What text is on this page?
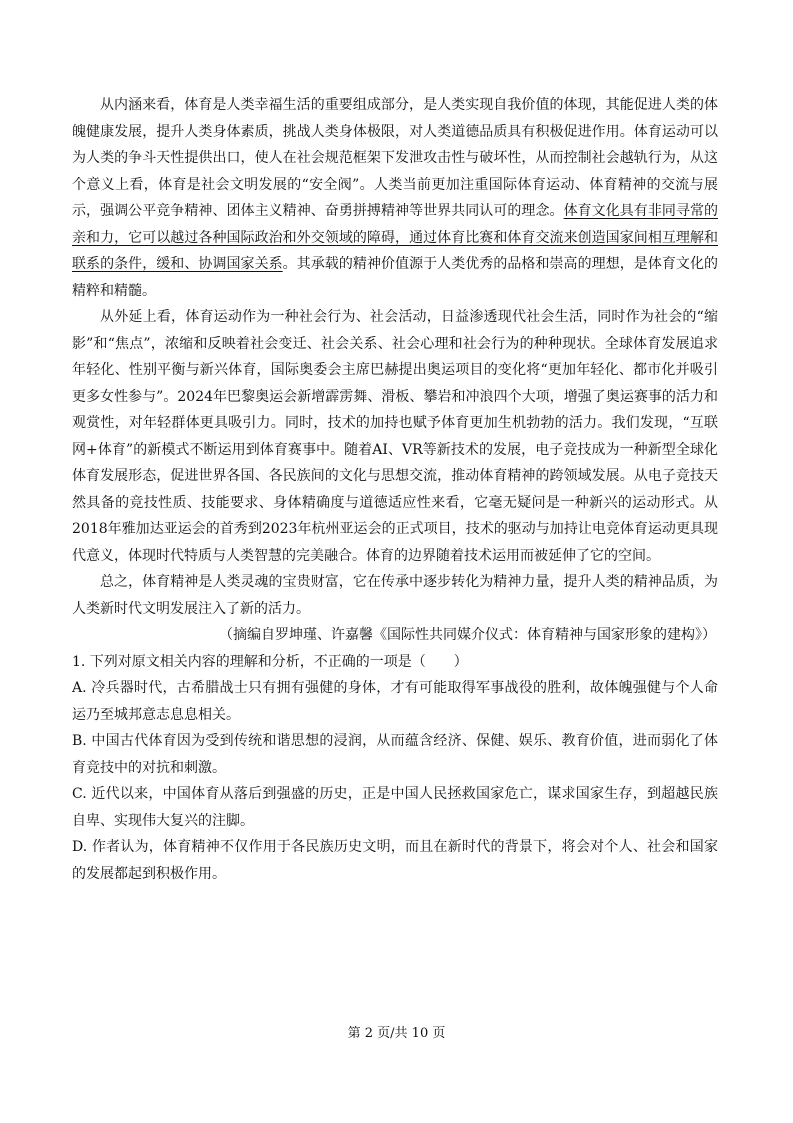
从内涵来看，体育是人类幸福生活的重要组成部分，是人类实现自我价值的体现，其能促进人类的体魄健康发展，提升人类身体素质，挑战人类身体极限，对人类道德品质具有积极促进作用。体育运动可以为人类的争斗天性提供出口，使人在社会规范框架下发泄攻击性与破坏性，从而控制社会越轨行为，从这个意义上看，体育是社会文明发展的“安全阀”。人类当前更加注重国际体育运动、体育精神的交流与展示，强调公平竞争精神、团体主义精神、奋勇拼搏精神等世界共同认可的理念。体育文化具有非同寻常的亲和力，它可以越过各种国际政治和外交领域的障碍，通过体育比赛和体育交流来创造国家间相互理解和联系的条件，缓和、协调国家关系。其承载的精神价值源于人类优秀的品格和崇高的理想，是体育文化的精粹和精髓。

从外延上看，体育运动作为一种社会行为、社会活动，日益渗透现代社会生活，同时作为社会的“缩影”和“焦点”，浓缩和反映着社会变迁、社会关系、社会心理和社会行为的种种现状。全球体育发展追求年轻化、性别平衡与新兴体育，国际奥委会主席巴赫提出奥运项目的变化将“更加年轻化、都市化并吸引更多女性参与”。2024年巴黎奥运会新增霹雳舞、滑板、攀岩和冲浪四个大项，增强了奥运赛事的活力和观赏性，对年轻群体更具吸引力。同时，技术的加持也赋予体育更加生机勃勃的活力。我们发现，“互联网+体育”的新模式不断运用到体育赛事中。随着AI、VR等新技术的发展，电子竞技成为一种新型全球化体育发展形态，促进世界各国、各民族间的文化与思想交流，推动体育精神的跨领域发展。从电子竞技天然具备的竞技性质、技能要求、身体精确度与道德适应性来看，它毫无疑问是一种新兴的运动形式。从2018年雅加达亚运会的首秀到2023年杭州亚运会的正式项目，技术的驱动与加持让电竞体育运动更具现代意义，体现时代特质与人类智慧的完美融合。体育的边界随着技术运用而被延伸了它的空间。

总之，体育精神是人类灵魂的宝贵财富，它在传承中逐步转化为精神力量，提升人类的精神品质，为人类新时代文明发展注入了新的活力。

（摘编自罗坤瑾、许嘉馨《国际性共同媒介仪式：体育精神与国家形象的建构》）

1. 下列对原文相关内容的理解和分析，不正确的一项是（　　）

A. 冷兵器时代，古希腊战士只有拥有强健的身体，才有可能取得军事战役的胜利，故体魄强健与个人命运乃至城邦意志息息相关。

B. 中国古代体育因为受到传统和谐思想的浸润，从而蕴含经济、保健、娱乐、教育价值，进而弱化了体育竞技中的对抗和刺激。

C. 近代以来，中国体育从落后到强盛的历史，正是中国人民拯救国家危亡，谋求国家生存，到超越民族自卑、实现伟大复兴的注脚。

D. 作者认为，体育精神不仅作用于各民族历史文明，而且在新时代的背景下，将会对个人、社会和国家的发展都起到积极作用。

第 2 页/共 10 页
